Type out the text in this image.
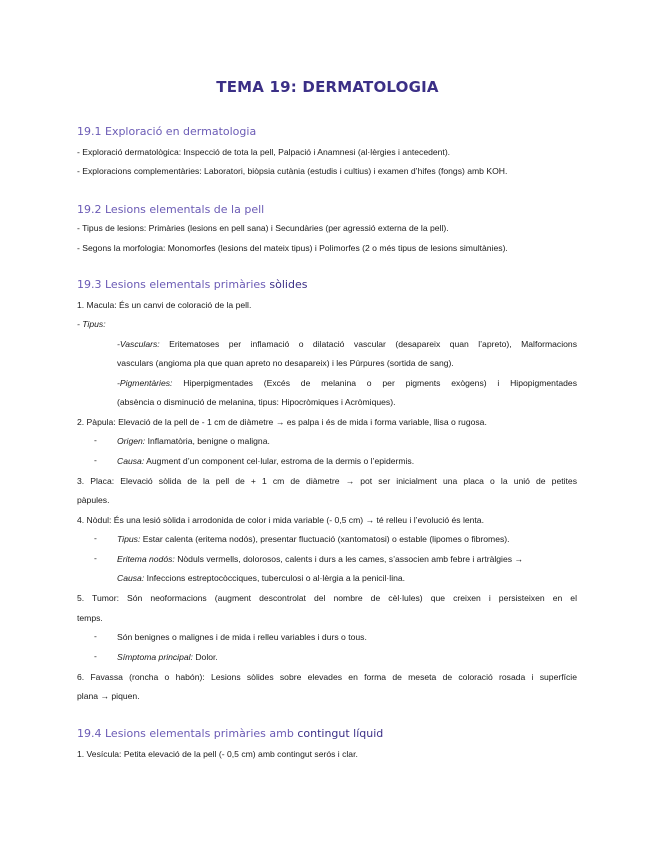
TEMA 19: DERMATOLOGIA
19.1 Exploració en dermatologia
- Exploració dermatològica: Inspecció de tota la pell, Palpació i Anamnesi (al·lèrgies i antecedent).
- Exploracions complementàries: Laboratori, biòpsia cutània (estudis i cultius) i examen d’hifes (fongs) amb KOH.
19.2 Lesions elementals de la pell
- Tipus de lesions: Primàries (lesions en pell sana) i Secundàries (per agressió externa de la pell).
- Segons la morfologia: Monomorfes (lesions del mateix tipus) i Polimorfes (2 o més tipus de lesions simultànies).
19.3 Lesions elementals primàries sòlides
1. Macula: És un canvi de coloració de la pell.
- Tipus:
-Vasculars: Eritematoses per inflamació o dilatació vascular (desapareix quan l’apreto), Malformacions
vasculars (angioma pla que quan apreto no desapareix) i les Púrpures (sortida de sang).
-Pigmentàries: Hiperpigmentades (Excés de melanina o per pigments exògens) i Hipopigmentades
(absència o disminució de melanina, tipus: Hipocròmiques i Acròmiques).
2. Pàpula: Elevació de la pell de - 1 cm de diàmetre → es palpa i és de mida i forma variable, llisa o rugosa.
- Origen: Inflamatòria, benigne o maligna.
- Causa: Augment d’un component cel·lular, estroma de la dermis o l’epidermis.
3. Placa: Elevació sòlida de la pell de + 1 cm de diàmetre → pot ser inicialment una placa o la unió de petites
pàpules.
4. Nòdul: És una lesió sòlida i arrodonida de color i mida variable (- 0,5 cm) → té relleu i l’evolució és lenta.
- Tipus: Estar calenta (eritema nodós), presentar fluctuació (xantomatosi) o estable (lipomes o fibromes).
- Eritema nodós: Nòduls vermells, dolorosos, calents i durs a les cames, s’associen amb febre i artràlgies →
Causa: Infeccions estreptocòcciques, tuberculosi o al·lèrgia a la penicil·lina.
5. Tumor: Són neoformacions (augment descontrolat del nombre de cèl·lules) que creixen i persisteixen en el
temps.
- Són benignes o malignes i de mida i relleu variables i durs o tous.
- Símptoma principal: Dolor.
6. Favassa (roncha o habón): Lesions sòlides sobre elevades en forma de meseta de coloració rosada i superfície
plana → piquen.
19.4 Lesions elementals primàries amb contingut líquid
1. Vesícula: Petita elevació de la pell (- 0,5 cm) amb contingut serós i clar.
